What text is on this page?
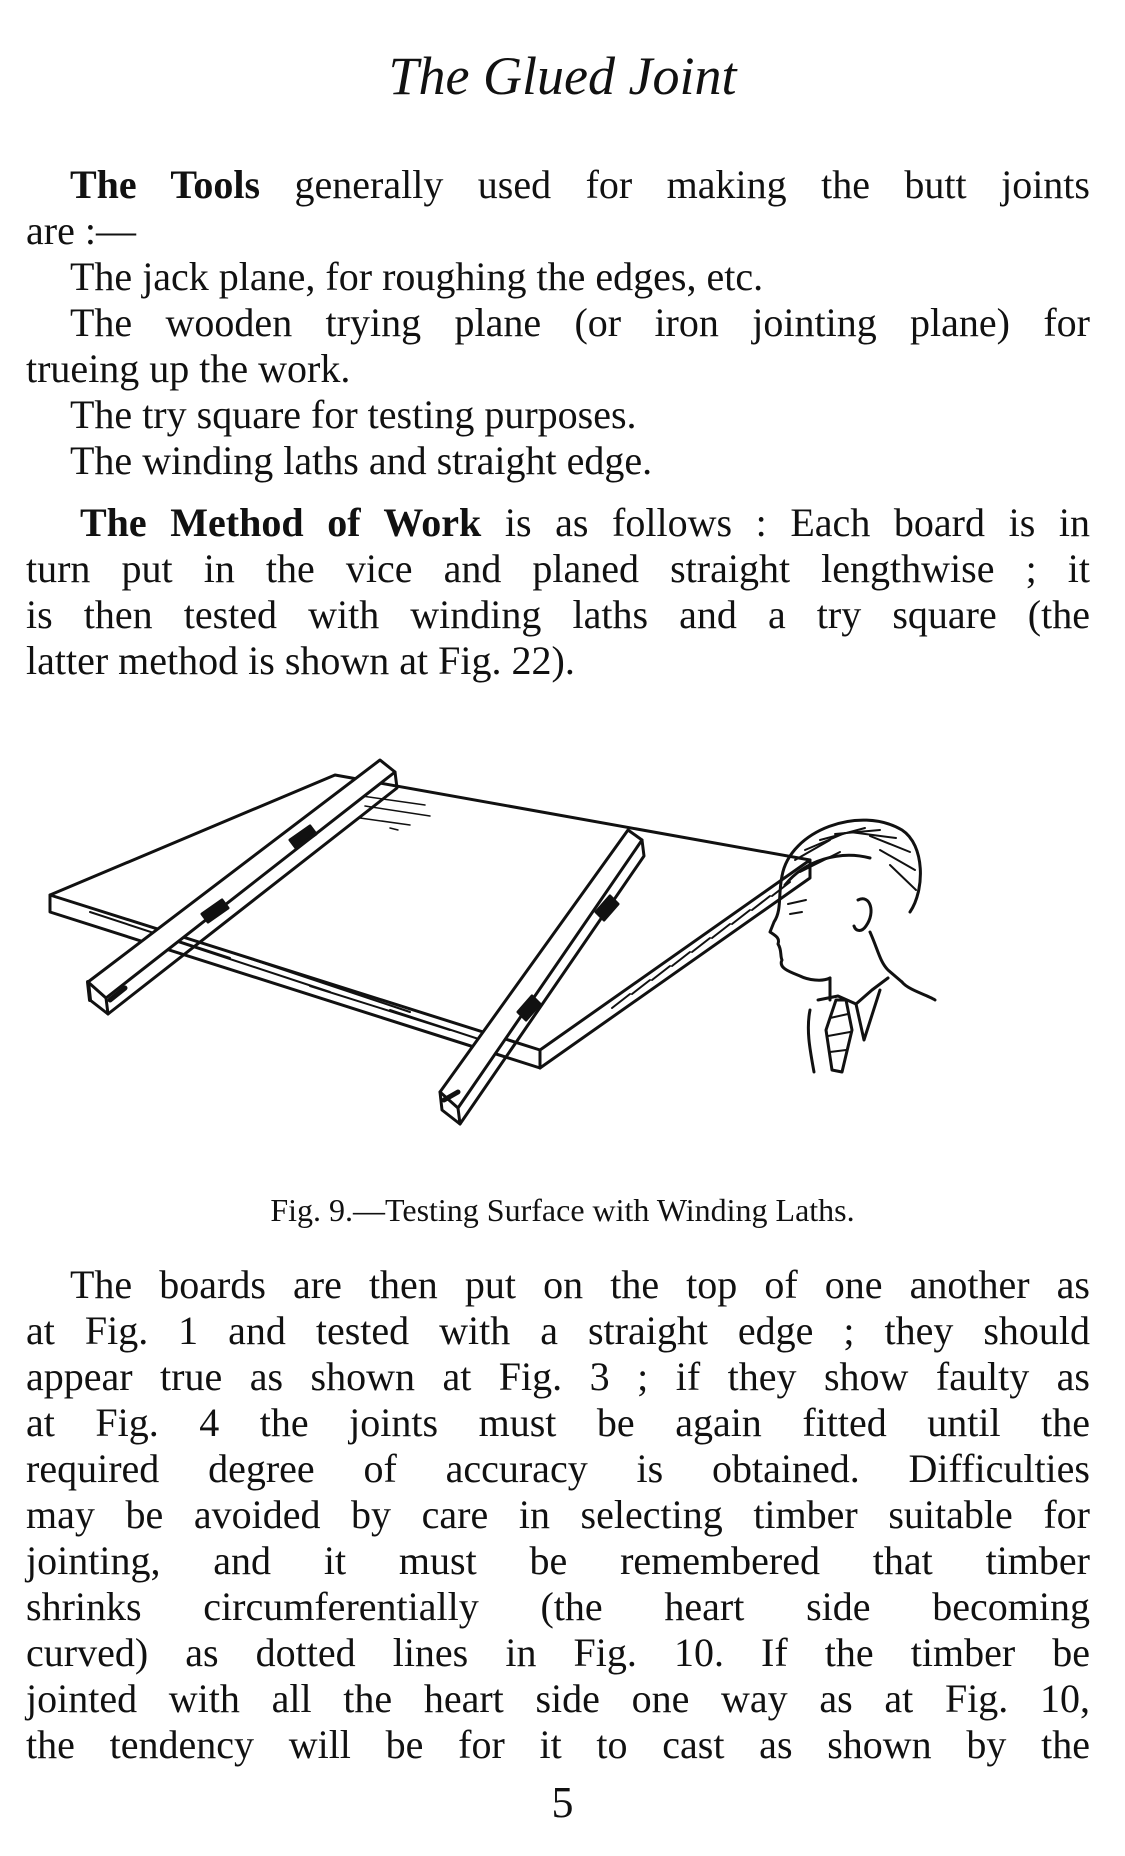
The Glued Joint

The Tools generally used for making the butt joints

are :—

The jack plane, for roughing the edges, etc.

The wooden trying plane (or iron jointing plane) for

trueing up the work.

The try square for testing purposes.

The winding laths and straight edge.

The Method of Work is as follows : Each board is in

turn put in the vice and planed straight lengthwise ; it

is then tested with winding laths and a try square (the

latter method is shown at Fig. 22).

Fig. 9.—Testing Surface with Winding Laths.

The boards are then put on the top of one another as

at Fig. 1 and tested with a straight edge ; they should

appear true as shown at Fig. 3 ; if they show faulty as

at Fig. 4 the joints must be again fitted until the

required degree of accuracy is obtained. Difficulties

may be avoided by care in selecting timber suitable for

jointing, and it must be remembered that timber

shrinks circumferentially (the heart side becoming

curved) as dotted lines in Fig. 10. If the timber be

jointed with all the heart side one way as at Fig. 10,

the tendency will be for it to cast as shown by the

5
